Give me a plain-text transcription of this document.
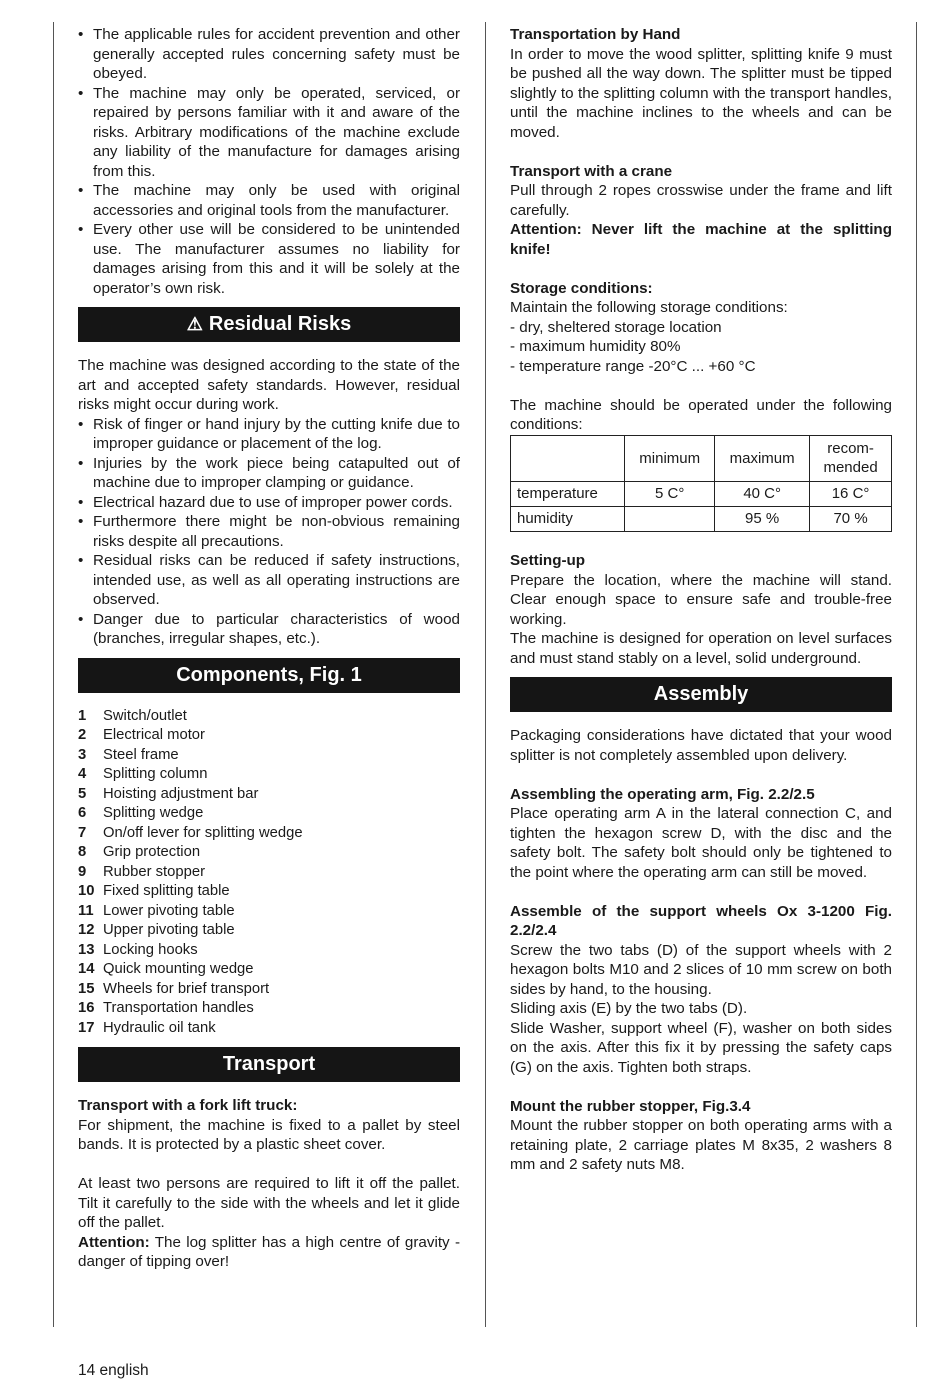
• The applicable rules for accident prevention and other generally accepted rules concerning safety must be obeyed.
• The machine may only be operated, serviced, or repaired by persons familiar with it and aware of the risks. Arbitrary modifications of the machine exclude any liability of the manufacture for damages arising from this.
• The machine may only be used with original accessories and original tools from the manufacturer.
• Every other use will be considered to be unintended use. The manufacturer assumes no liability for damages arising from this and it will be solely at the operator’s own risk.
⚠ Residual Risks

The machine was designed according to the state of the art and accepted safety standards. However, residual risks might occur during work.

• Risk of finger or hand injury by the cutting knife due to improper guidance or placement of the log.
• Injuries by the work piece being catapulted out of machine due to improper clamping or guidance.
• Electrical hazard due to use of improper power cords.
• Furthermore there might be non-obvious remaining risks despite all precautions.
• Residual risks can be reduced if safety instructions, intended use, as well as all operating instructions are observed.
• Danger due to particular characteristics of wood (branches, irregular shapes, etc.).
Components, Fig. 1
1	Switch/outlet
2	Electrical motor
3	Steel frame
4	Splitting column
5	Hoisting adjustment bar
6	Splitting wedge
7	On/off lever for splitting wedge
8	Grip protection
9	Rubber stopper
10 Fixed splitting table
11 Lower pivoting table
12 Upper pivoting table
13 Locking hooks
14 Quick mounting wedge
15 Wheels for brief transport
16 Transportation handles
17 Hydraulic oil tank
Transport

Transport with a fork lift truck:

For shipment, the machine is fixed to a pallet by steel bands. It is protected by a plastic sheet cover.

At least two persons are required to lift it off the pallet. Tilt it carefully to the side with the wheels and let it glide off the pallet.

Attention: The log splitter has a high centre of gravity - danger of tipping over!

Transportation by Hand

In order to move the wood splitter, splitting knife 9 must be pushed all the way down. The splitter must be tipped slightly to the splitting column with the transport handles, until the machine inclines to the wheels and can be moved.

Transport with a crane

Pull through 2 ropes crosswise under the frame and lift carefully.

Attention: Never lift the machine at the splitting knife!

Storage conditions:

Maintain the following storage conditions:

- dry, sheltered storage location

- maximum humidity 80%

- temperature range -20°C ... +60 °C

The machine should be operated under the following conditions:

	minimum	maximum	recom-
mended
temperature	5 C°	40 C°	16 C°
humidity		95 %	70 %

Setting-up

Prepare the location, where the machine will stand. Clear enough space to ensure safe and trouble-free working.

The machine is designed for operation on level surfaces and must stand stably on a level, solid underground.

Assembly

Packaging considerations have dictated that your wood splitter is not completely assembled upon delivery.

Assembling the operating arm, Fig. 2.2/2.5

Place operating arm A in the lateral connection C, and tighten the hexagon screw D, with the disc and the safety bolt. The safety bolt should only be tightened to the point where the operating arm can still be moved.

Assemble of the support wheels Ox 3-1200 Fig. 2.2/2.4

Screw the two tabs (D) of the support wheels with 2 hexagon bolts M10 and 2 slices of 10 mm screw on both sides by hand, to the housing.

Sliding axis (E) by the two tabs (D).

Slide Washer, support wheel (F), washer on both sides on the axis. After this fix it by pressing the safety caps (G) on the axis. Tighten both straps.

Mount the rubber stopper, Fig.3.4

Mount the rubber stopper on both operating arms with a retaining plate, 2 carriage plates M 8x35, 2 washers 8 mm and 2 safety nuts M8.

14 english
